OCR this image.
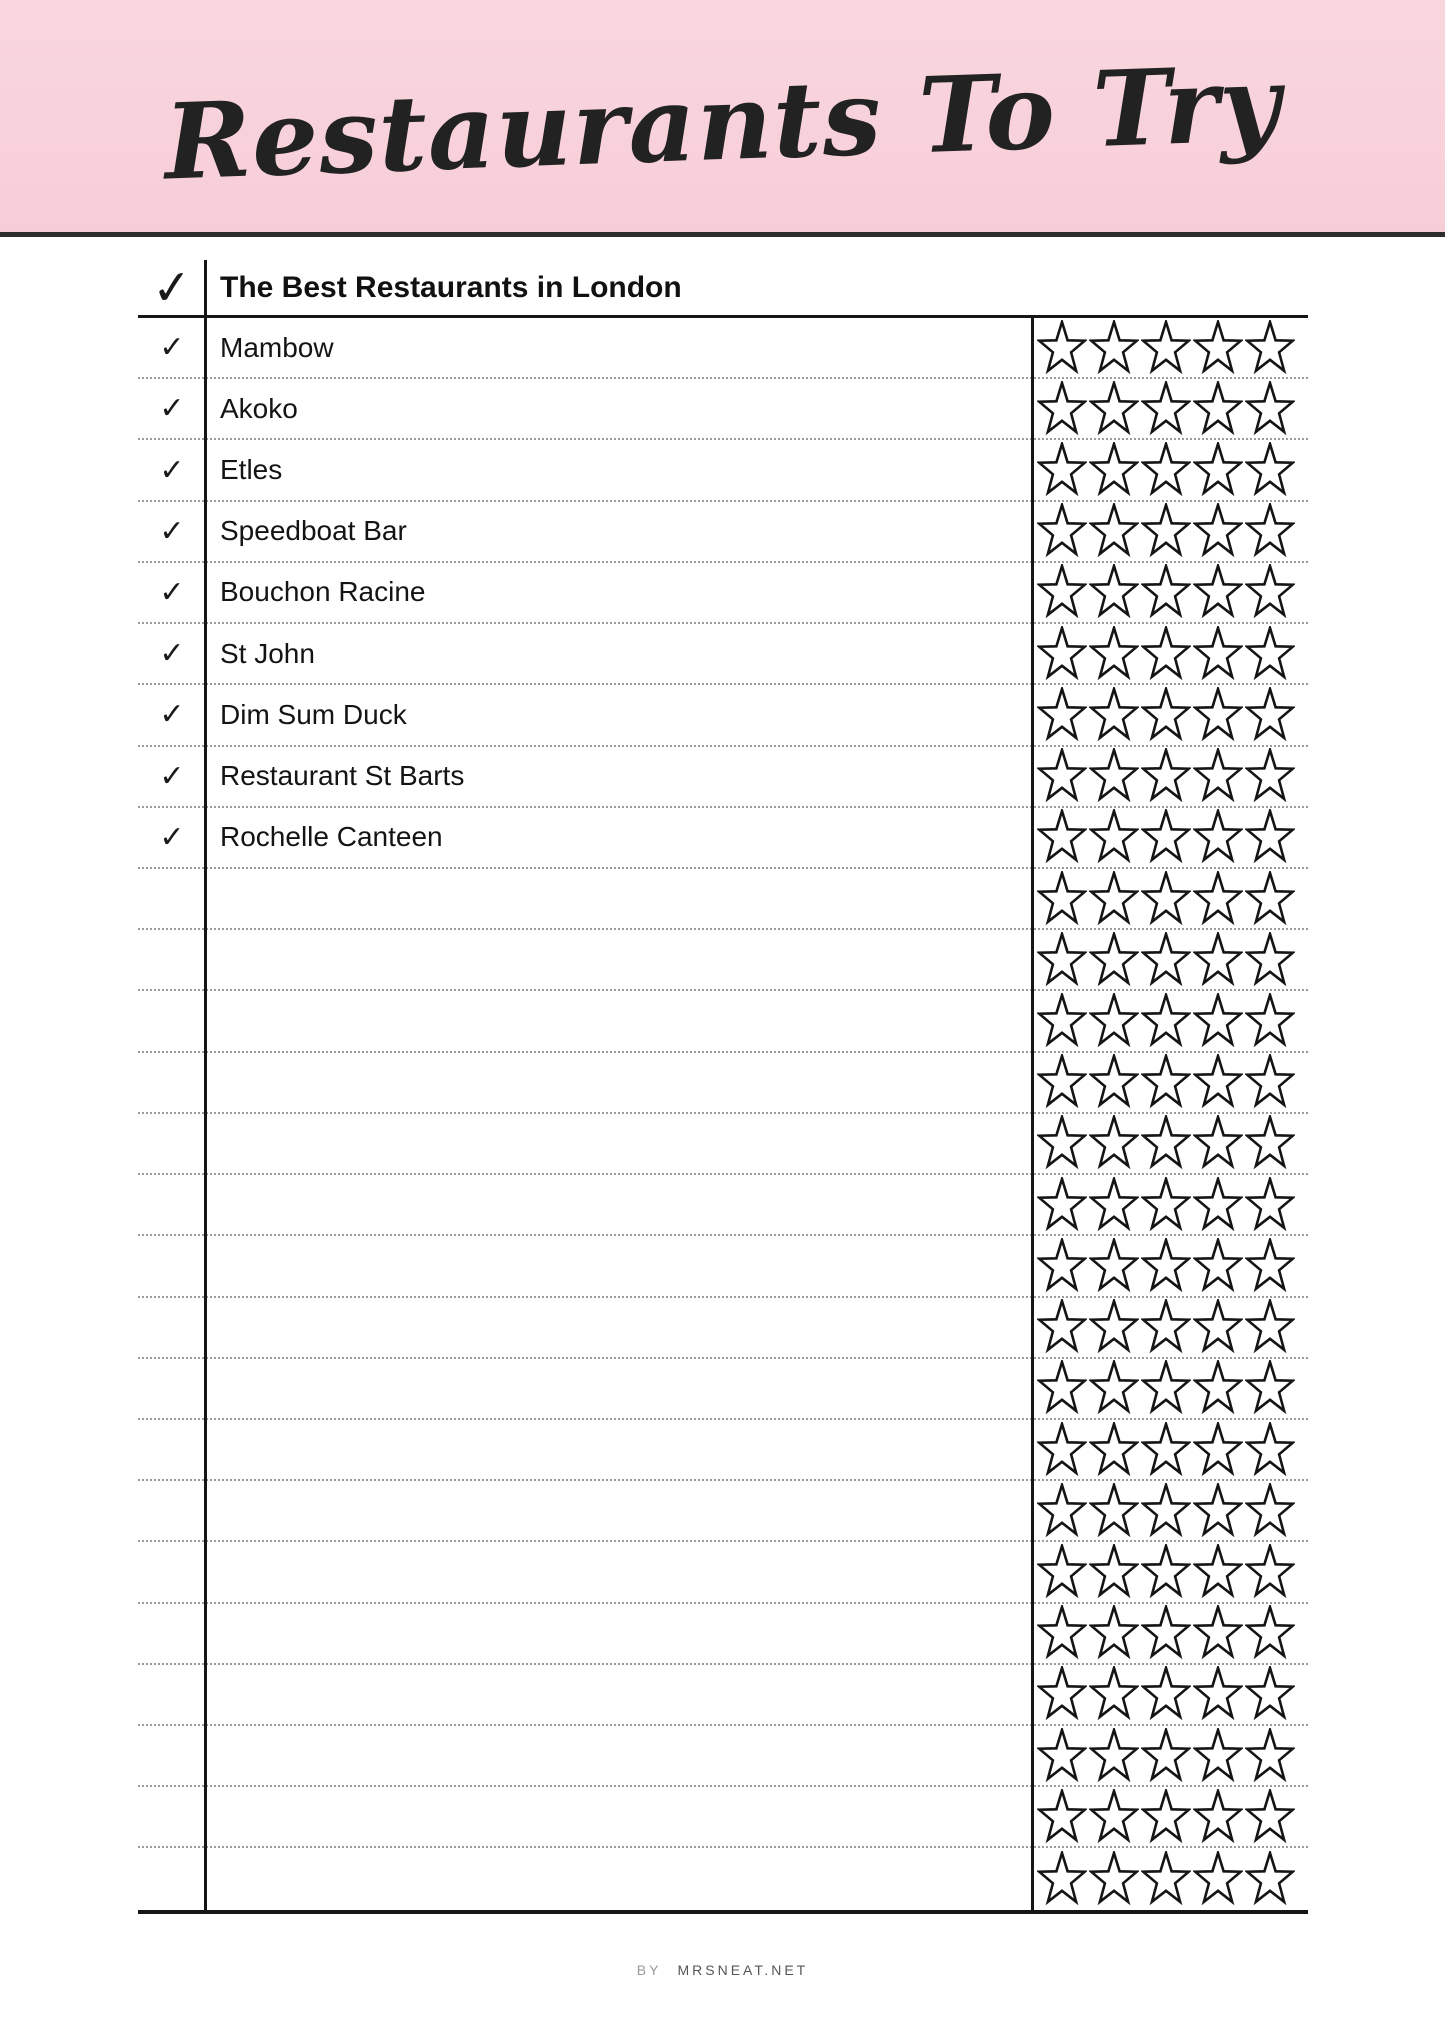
Restaurants To Try
✓ The Best Restaurants in London
✓	Mambow
✓	Akoko
✓	Etles
✓	Speedboat Bar
✓	Bouchon Racine
✓	St John
✓	Dim Sum Duck
✓	Restaurant St Barts
✓	Rochelle Canteen
BY MRSNEAT.NET
